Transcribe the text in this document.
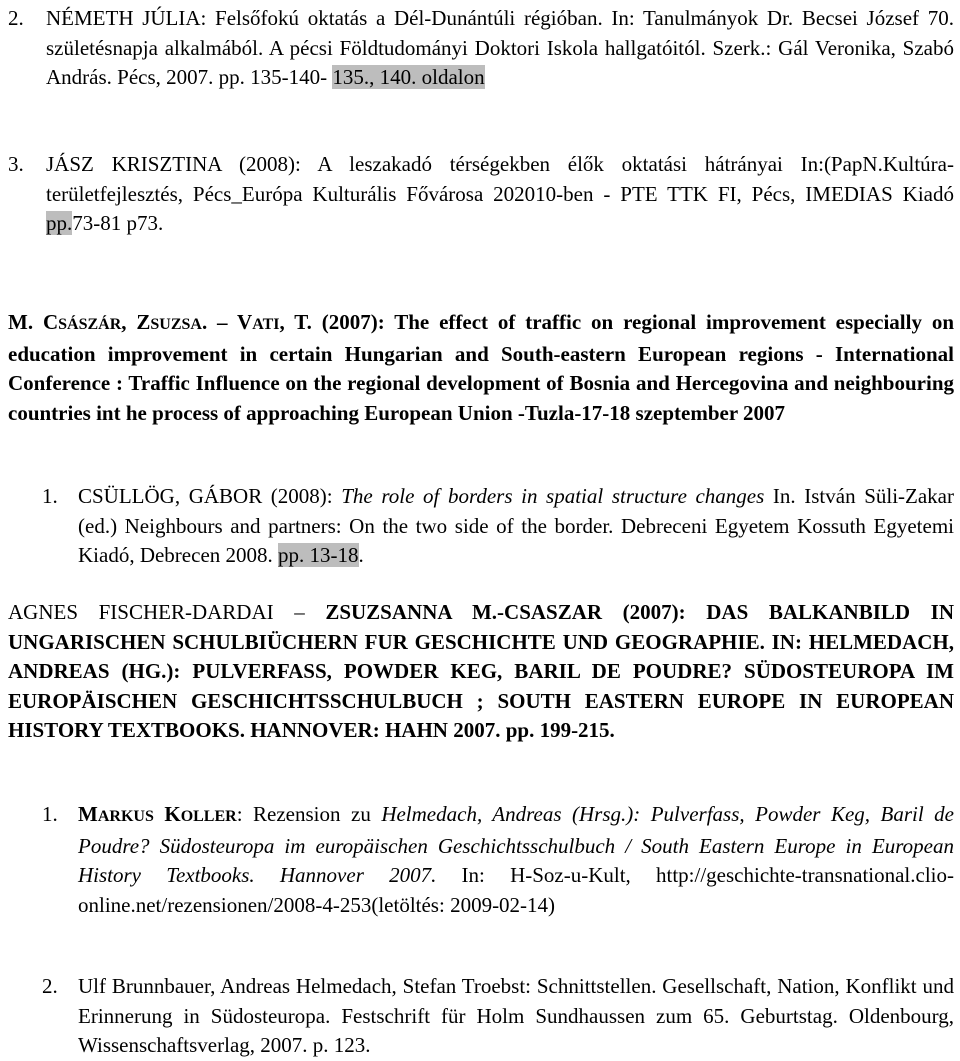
2. NÉMETH JÚLIA: Felsőfokú oktatás a Dél-Dunántúli régióban. In: Tanulmányok Dr. Becsei József 70. születésnapja alkalmából. A pécsi Földtudományi Doktori Iskola hallgatóitól. Szerk.: Gál Veronika, Szabó András. Pécs, 2007. pp. 135-140- 135., 140. oldalon

3. JÁSZ KRISZTINA (2008): A leszakadó térségekben élők oktatási hátrányai In:(PapN.Kultúra-területfejlesztés, Pécs_Európa Kulturális Fővárosa 202010-ben - PTE TTK FI, Pécs, IMEDIAS Kiadó pp.73-81 p73.

M. CSÁSZÁR, ZSUZSA. – VATI, T. (2007): The effect of traffic on regional improvement especially on education improvement in certain Hungarian and South-eastern European regions - International Conference : Traffic Influence on the regional development of Bosnia and Hercegovina and neighbouring countries int he process of approaching European Union -Tuzla-17-18 szeptember 2007

1. CSÜLLÖG, GÁBOR (2008): The role of borders in spatial structure changes In. István Süli-Zakar (ed.) Neighbours and partners: On the two side of the border. Debreceni Egyetem Kossuth Egyetemi Kiadó, Debrecen 2008. pp. 13-18.

AGNES FISCHER-DARDAI – ZSUZSANNA M.-CSASZAR (2007): DAS BALKANBILD IN UNGARISCHEN SCHULBIÜCHERN FUR GESCHICHTE UND GEOGRAPHIE. IN: HELMEDACH, ANDREAS (HG.): PULVERFASS, POWDER KEG, BARIL DE POUDRE? SÜDOSTEUROPA IM EUROPÄISCHEN GESCHICHTSSCHULBUCH ; SOUTH EASTERN EUROPE IN EUROPEAN HISTORY TEXTBOOKS. HANNOVER: HAHN 2007. pp. 199-215.

1. MARKUS KOLLER: Rezension zu Helmedach, Andreas (Hrsg.): Pulverfass, Powder Keg, Baril de Poudre? Südosteuropa im europäischen Geschichtsschulbuch / South Eastern Europe in European History Textbooks. Hannover 2007. In: H-Soz-u-Kult, http://geschichte-transnational.clio-online.net/rezensionen/2008-4-253(letöltés: 2009-02-14)

2. Ulf Brunnbauer, Andreas Helmedach, Stefan Troebst: Schnittstellen. Gesellschaft, Nation, Konflikt und Erinnerung in Südosteuropa. Festschrift für Holm Sundhaussen zum 65. Geburtstag. Oldenbourg, Wissenschaftsverlag, 2007. p. 123.
